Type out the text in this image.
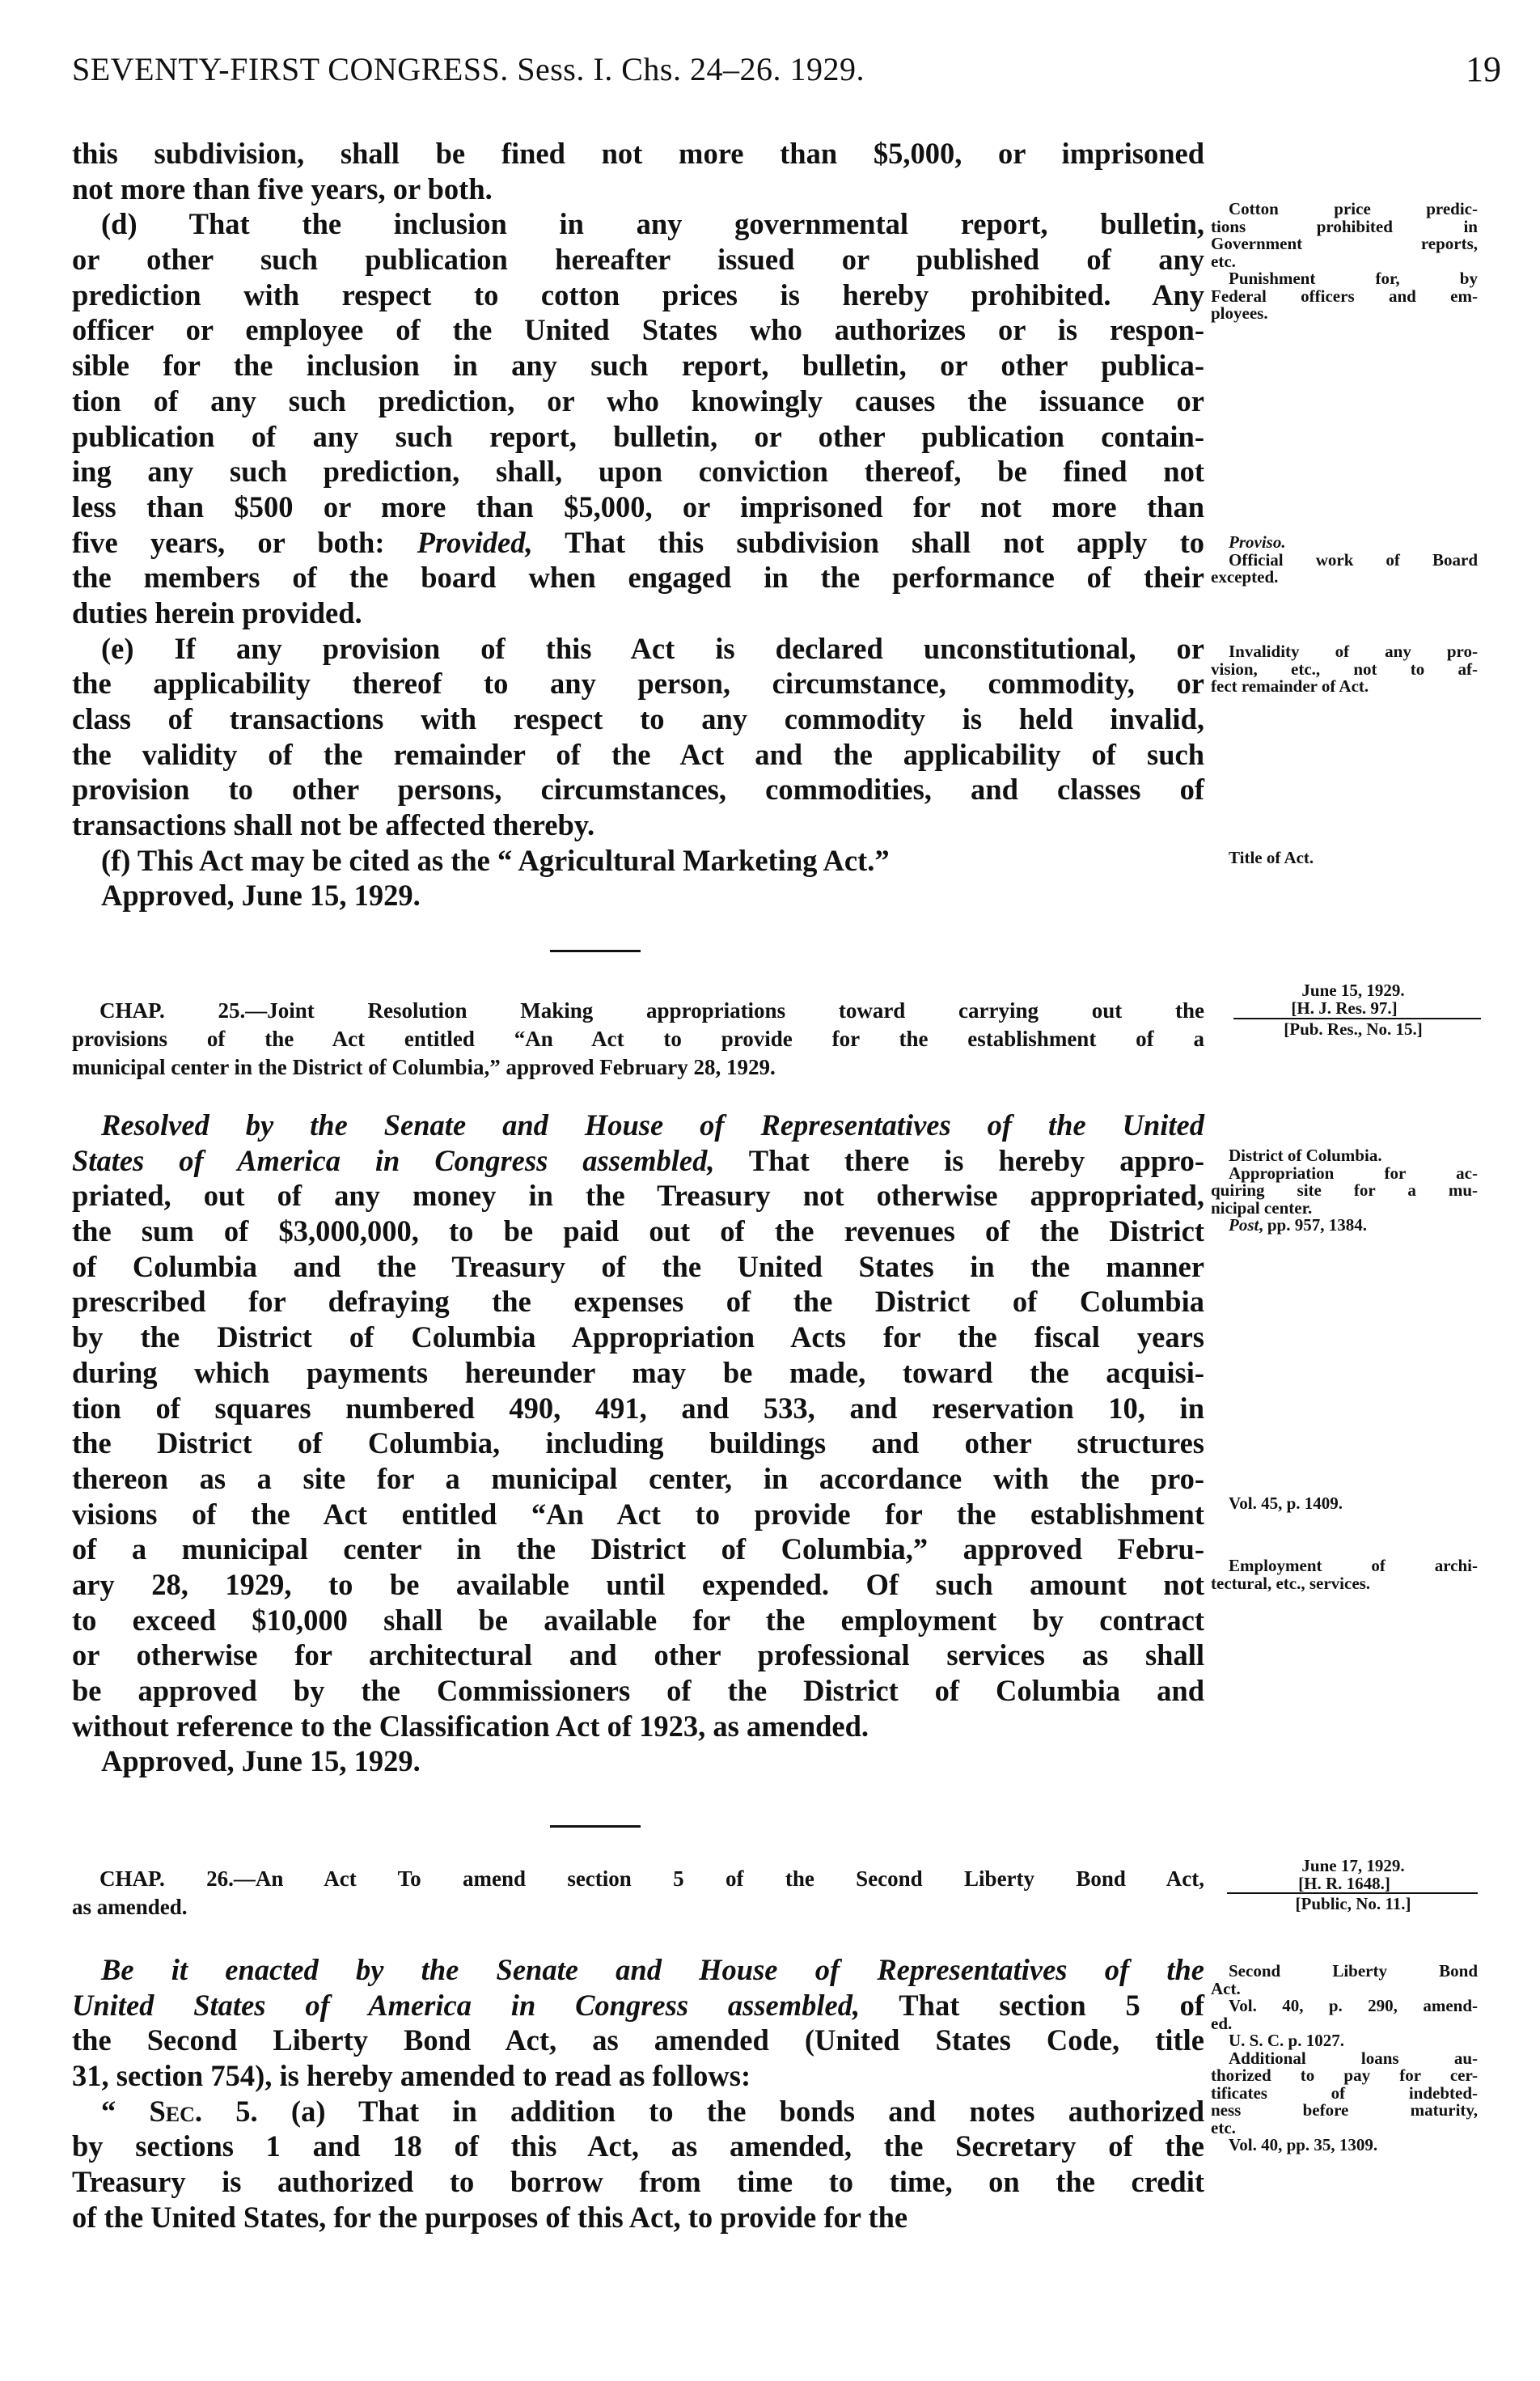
SEVENTY-FIRST CONGRESS. Sess. I. Chs. 24–26. 1929.	19
this subdivision, shall be fined not more than $5,000, or imprisoned
not more than five years, or both.
(d) That the inclusion in any governmental report, bulletin,
or other such publication hereafter issued or published of any
prediction with respect to cotton prices is hereby prohibited. Any
officer or employee of the United States who authorizes or is respon-
sible for the inclusion in any such report, bulletin, or other publica-
tion of any such prediction, or who knowingly causes the issuance or
publication of any such report, bulletin, or other publication contain-
ing any such prediction, shall, upon conviction thereof, be fined not
less than $500 or more than $5,000, or imprisoned for not more than
five years, or both: Provided, That this subdivision shall not apply to
the members of the board when engaged in the performance of their
duties herein provided.
(e) If any provision of this Act is declared unconstitutional, or
the applicability thereof to any person, circumstance, commodity, or
class of transactions with respect to any commodity is held invalid,
the validity of the remainder of the Act and the applicability of such
provision to other persons, circumstances, commodities, and classes of
transactions shall not be affected thereby.
(f) This Act may be cited as the “ Agricultural Marketing Act.”
Approved, June 15, 1929.
CHAP. 25.—Joint Resolution Making appropriations toward carrying out the
provisions of the Act entitled “An Act to provide for the establishment of a
municipal center in the District of Columbia,” approved February 28, 1929.
Resolved by the Senate and House of Representatives of the United
States of America in Congress assembled, That there is hereby appro-
priated, out of any money in the Treasury not otherwise appropriated,
the sum of $3,000,000, to be paid out of the revenues of the District
of Columbia and the Treasury of the United States in the manner
prescribed for defraying the expenses of the District of Columbia
by the District of Columbia Appropriation Acts for the fiscal years
during which payments hereunder may be made, toward the acquisi-
tion of squares numbered 490, 491, and 533, and reservation 10, in
the District of Columbia, including buildings and other structures
thereon as a site for a municipal center, in accordance with the pro-
visions of the Act entitled “An Act to provide for the establishment
of a municipal center in the District of Columbia,” approved Febru-
ary 28, 1929, to be available until expended. Of such amount not
to exceed $10,000 shall be available for the employment by contract
or otherwise for architectural and other professional services as shall
be approved by the Commissioners of the District of Columbia and
without reference to the Classification Act of 1923, as amended.
Approved, June 15, 1929.
CHAP. 26.—An Act To amend section 5 of the Second Liberty Bond Act,
as amended.
Be it enacted by the Senate and House of Representatives of the
United States of America in Congress assembled, That section 5 of
the Second Liberty Bond Act, as amended (United States Code, title
31, section 754), is hereby amended to read as follows:
“ Sec. 5. (a) That in addition to the bonds and notes authorized
by sections 1 and 18 of this Act, as amended, the Secretary of the
Treasury is authorized to borrow from time to time, on the credit
of the United States, for the purposes of this Act, to provide for the
Cotton price predic-
tions prohibited in
Government reports,
etc.
Punishment for, by
Federal officers and em-
ployees.
Proviso.
Official work of Board
excepted.
Invalidity of any pro-
vision, etc., not to af-
fect remainder of Act.
Title of Act.
June 15, 1929.
[H. J. Res. 97.]
[Pub. Res., No. 15.]
District of Columbia.
Appropriation for ac-
quiring site for a mu-
nicipal center.
Post, pp. 957, 1384.
Vol. 45, p. 1409.
Employment of archi-
tectural, etc., services.
June 17, 1929.
[H. R. 1648.]
[Public, No. 11.]
Second Liberty Bond
Act.
Vol. 40, p. 290, amend-
ed.
U. S. C. p. 1027.
Additional loans au-
thorized to pay for cer-
tificates of indebted-
ness before maturity,
etc.
Vol. 40, pp. 35, 1309.
